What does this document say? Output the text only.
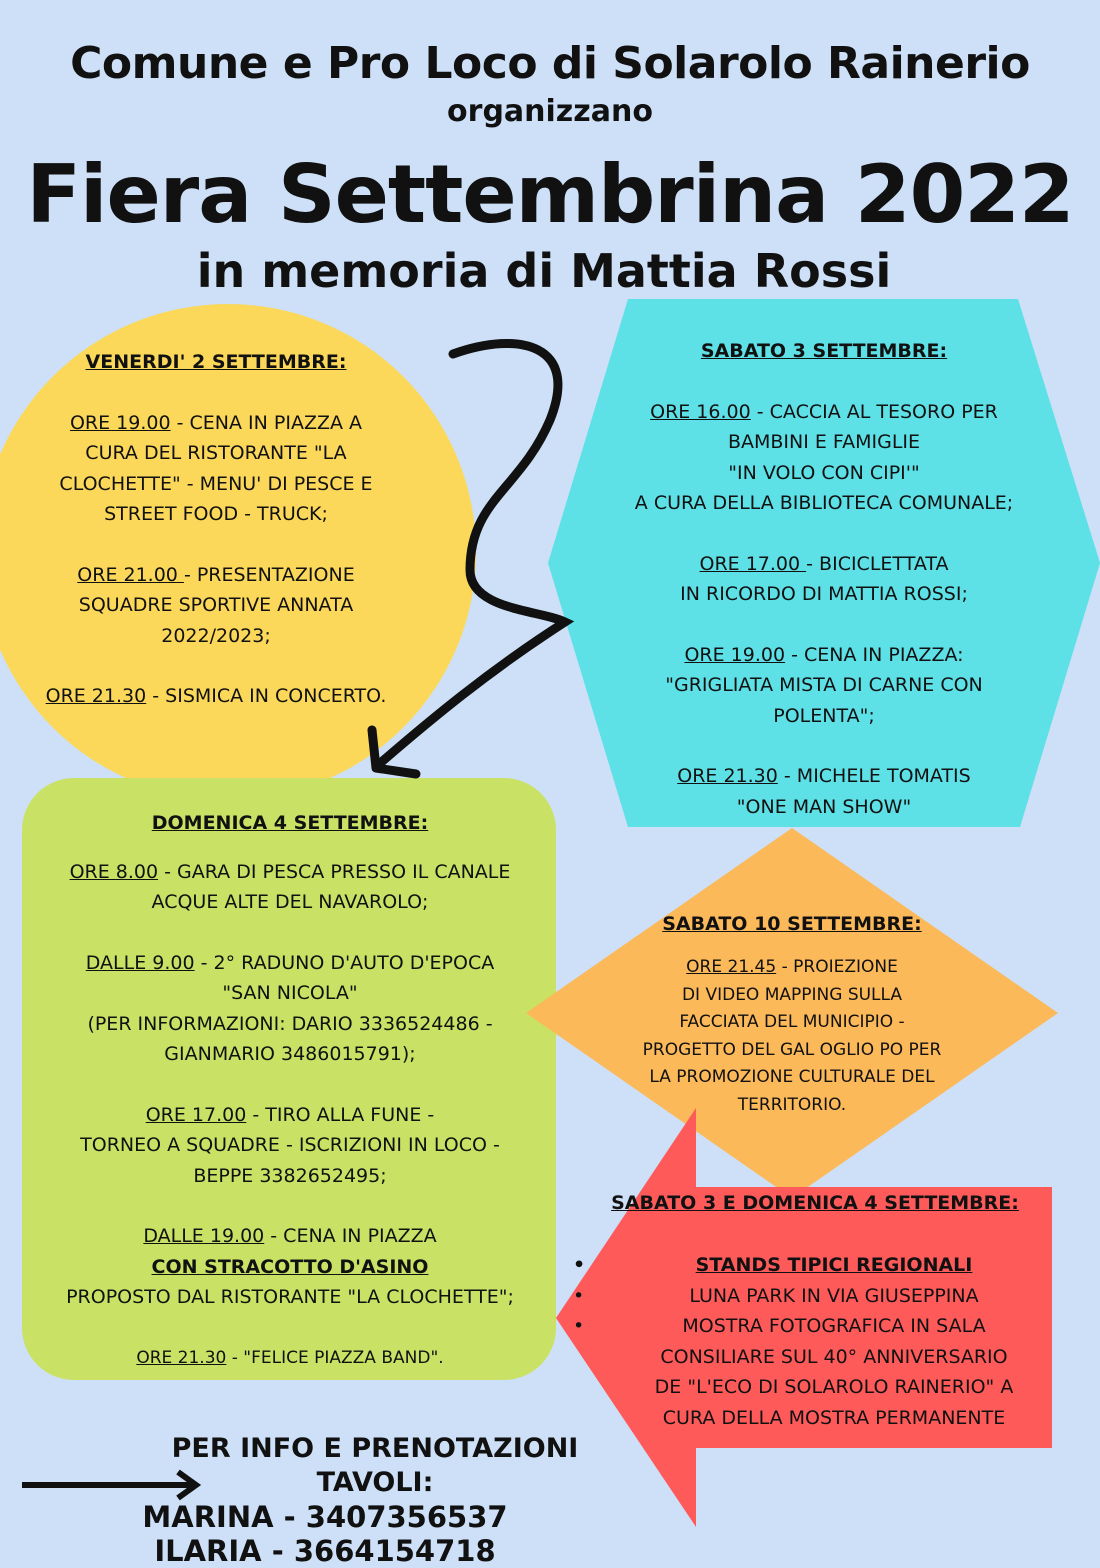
Comune e Pro Loco di Solarolo Rainerio
organizzano
Fiera Settembrina 2022
in memoria di Mattia Rossi

VENERDI' 2 SETTEMBRE:

ORE 19.00 - CENA IN PIAZZA A

CURA DEL RISTORANTE "LA

CLOCHETTE" - MENU' DI PESCE E

STREET FOOD - TRUCK;

ORE 21.00 - PRESENTAZIONE

SQUADRE SPORTIVE ANNATA

2022/2023;

ORE 21.30 - SISMICA IN CONCERTO.

SABATO 3 SETTEMBRE:

ORE 16.00 - CACCIA AL TESORO PER

BAMBINI E FAMIGLIE

"IN VOLO CON CIPI'"

A CURA DELLA BIBLIOTECA COMUNALE;

ORE 17.00 - BICICLETTATA

IN RICORDO DI MATTIA ROSSI;

ORE 19.00 - CENA IN PIAZZA:

"GRIGLIATA MISTA DI CARNE CON

POLENTA";

ORE 21.30 - MICHELE TOMATIS

"ONE MAN SHOW"

DOMENICA 4 SETTEMBRE:

ORE 8.00 - GARA DI PESCA PRESSO IL CANALE

ACQUE ALTE DEL NAVAROLO;

DALLE 9.00 - 2° RADUNO D'AUTO D'EPOCA

"SAN NICOLA"

(PER INFORMAZIONI: DARIO 3336524486 -

GIANMARIO 3486015791);

ORE 17.00 - TIRO ALLA FUNE -

TORNEO A SQUADRE - ISCRIZIONI IN LOCO -

BEPPE 3382652495;

DALLE 19.00 - CENA IN PIAZZA

CON STRACOTTO D'ASINO

PROPOSTO DAL RISTORANTE "LA CLOCHETTE";

ORE 21.30 - "FELICE PIAZZA BAND".

SABATO 10 SETTEMBRE:

ORE 21.45 - PROIEZIONE

DI VIDEO MAPPING SULLA

FACCIATA DEL MUNICIPIO -

PROGETTO DEL GAL OGLIO PO PER

LA PROMOZIONE CULTURALE DEL

TERRITORIO.

SABATO 3 E DOMENICA 4 SETTEMBRE:
• STANDS TIPICI REGIONALI
• LUNA PARK IN VIA GIUSEPPINA
• MOSTRA FOTOGRAFICA IN SALA

CONSILIARE SUL 40° ANNIVERSARIO

DE "L'ECO DI SOLAROLO RAINERIO" A

CURA DELLA MOSTRA PERMANENTE

PER INFO E PRENOTAZIONI TAVOLI:

MARINA - 3407356537

ILARIA - 3664154718
